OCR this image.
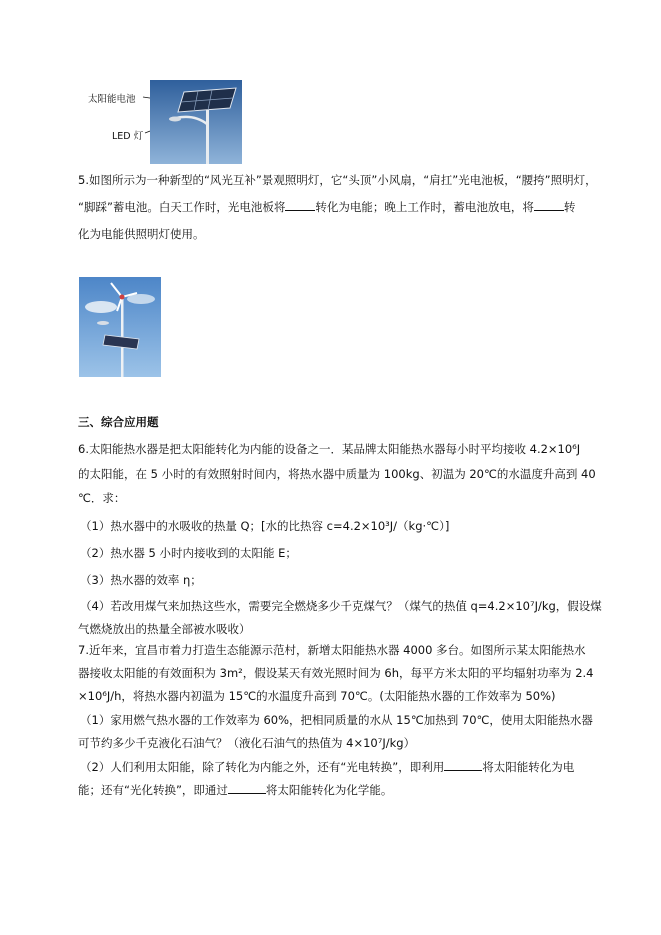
太阳能电池
LED 灯
5.如图所示为一种新型的“风光互补”景观照明灯，它“头顶”小风扇，“肩扛”光电池板，“腰挎”照明灯，
“脚踩”蓄电池。白天工作时，光电池板将	转化为电能；晚上工作时，蓄电池放电，将	转
化为电能供照明灯使用。
三、综合应用题
6.太阳能热水器是把太阳能转化为内能的设备之一．某品牌太阳能热水器每小时平均接收 4.2×10⁶J
的太阳能，在 5 小时的有效照射时间内，将热水器中质量为 100kg、初温为 20℃的水温度升高到 40
℃．求：
（1）热水器中的水吸收的热量 Q；[水的比热容 c=4.2×10³J/（kg·℃）]
（2）热水器 5 小时内接收到的太阳能 E；
（3）热水器的效率 η；
（4）若改用煤气来加热这些水，需要完全燃烧多少千克煤气？（煤气的热值 q=4.2×10⁷J/kg，假设煤
气燃烧放出的热量全部被水吸收）
7.近年来，宜昌市着力打造生态能源示范村，新增太阳能热水器 4000 多台。如图所示某太阳能热水
器接收太阳能的有效面积为 3m²，假设某天有效光照时间为 6h，每平方米太阳的平均辐射功率为 2.4
×10⁶J/h，将热水器内初温为 15℃的水温度升高到 70℃。(太阳能热水器的工作效率为 50%)
（1）家用燃气热水器的工作效率为 60%，把相同质量的水从 15℃加热到 70℃，使用太阳能热水器
可节约多少千克液化石油气？（液化石油气的热值为 4×10⁷J/kg）
（2）人们利用太阳能，除了转化为内能之外，还有“光电转换”，即利用	将太阳能转化为电
能；还有“光化转换”，即通过	将太阳能转化为化学能。
